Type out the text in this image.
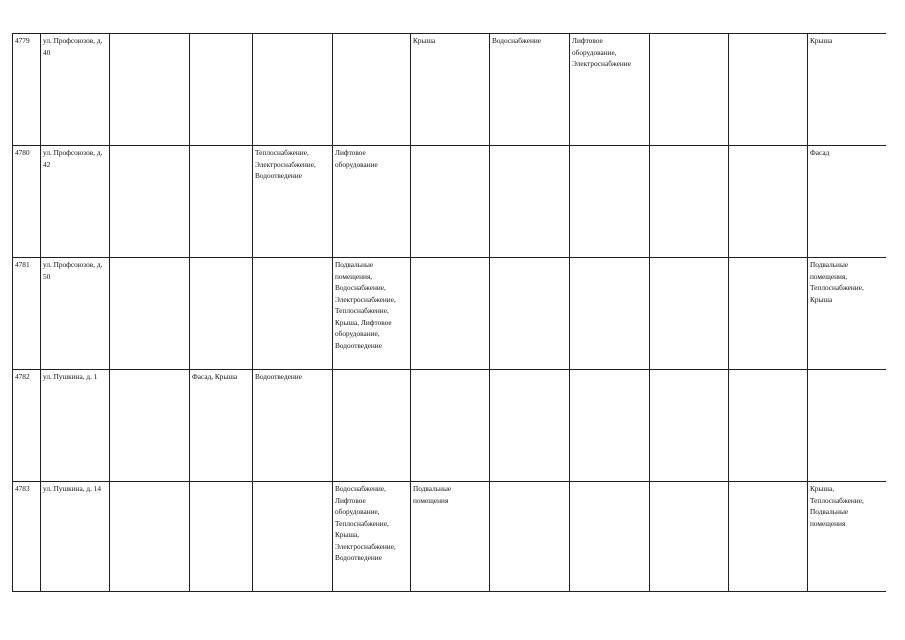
4779	ул. Профсоюзов, д. 40					Крыша	Водоснабжение	Лифтовое оборудование, Электроснабжение			Крыша
4780	ул. Профсоюзов, д. 42			Теплоснабжение, Электроснабжение, Водоотведение	Лифтовое оборудование						Фасад
4781	ул. Профсоюзов, д. 50				Подвальные помещения, Водоснабжение, Электроснабжение, Теплоснабжение, Крыша, Лифтовое оборудование, Водоотведение						Подвальные помещения, Теплоснабжение, Крыша
4782	ул. Пушкина, д. 1		Фасад, Крыша	Водоотведение							
4783	ул. Пушкина, д. 14				Водоснабжение, Лифтовое оборудование, Теплоснабжение, Крыша, Электроснабжение, Водоотведение	Подвальные помещения					Крыша, Теплоснабжение, Подвальные помещения
